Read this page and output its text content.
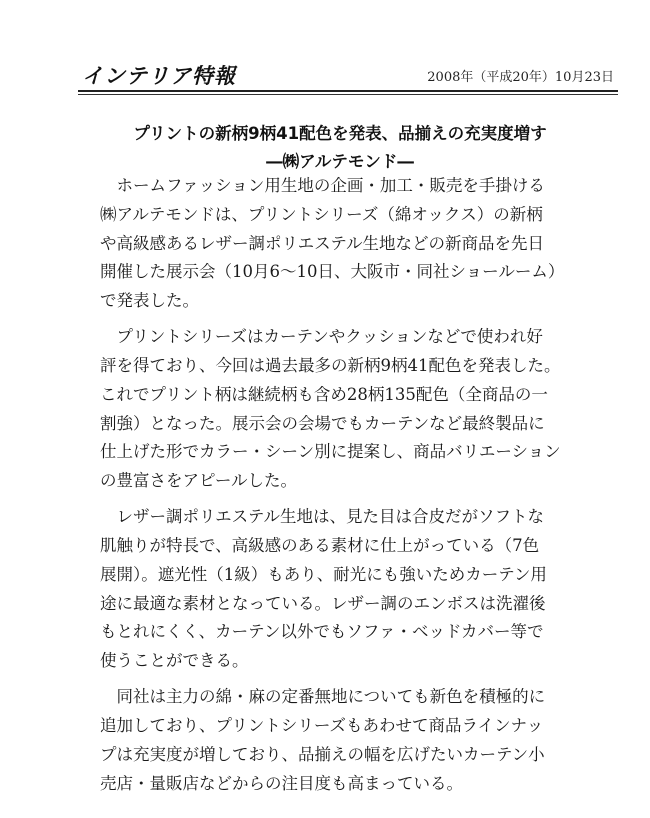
インテリア特報	2008年（平成20年）10月23日
プリントの新柄9柄41配色を発表、品揃えの充実度増す
―㈱アルテモンド―
　ホームファッション用生地の企画・加工・販売を手掛ける
㈱アルテモンドは、プリントシリーズ（綿オックス）の新柄
や高級感あるレザー調ポリエステル生地などの新商品を先日
開催した展示会（10月6〜10日、大阪市・同社ショールーム）
で発表した。
　プリントシリーズはカーテンやクッションなどで使われ好
評を得ており、今回は過去最多の新柄9柄41配色を発表した。
これでプリント柄は継続柄も含め28柄135配色（全商品の一
割強）となった。展示会の会場でもカーテンなど最終製品に
仕上げた形でカラー・シーン別に提案し、商品バリエーション
の豊富さをアピールした。
　レザー調ポリエステル生地は、見た目は合皮だがソフトな
肌触りが特長で、高級感のある素材に仕上がっている（7色
展開）。遮光性（1級）もあり、耐光にも強いためカーテン用
途に最適な素材となっている。レザー調のエンボスは洗濯後
もとれにくく、カーテン以外でもソファ・ベッドカバー等で
使うことができる。
　同社は主力の綿・麻の定番無地についても新色を積極的に
追加しており、プリントシリーズもあわせて商品ラインナッ
プは充実度が増しており、品揃えの幅を広げたいカーテン小
売店・量販店などからの注目度も高まっている。
